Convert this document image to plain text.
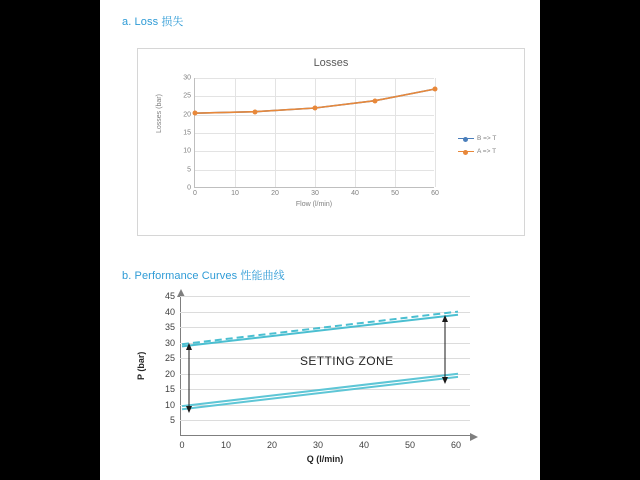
a. Loss 损失
Losses
30
25
20
15
10
5
0
0	10	20	30	40	50	60
Losses (bar)
Flow (l/min)
B => T
A => T
b. Performance Curves 性能曲线
45
40
35
30
25
20
15
10
5
0	10	20	30	40	50	60
SETTING ZONE
P (bar)
Q (l/min)
